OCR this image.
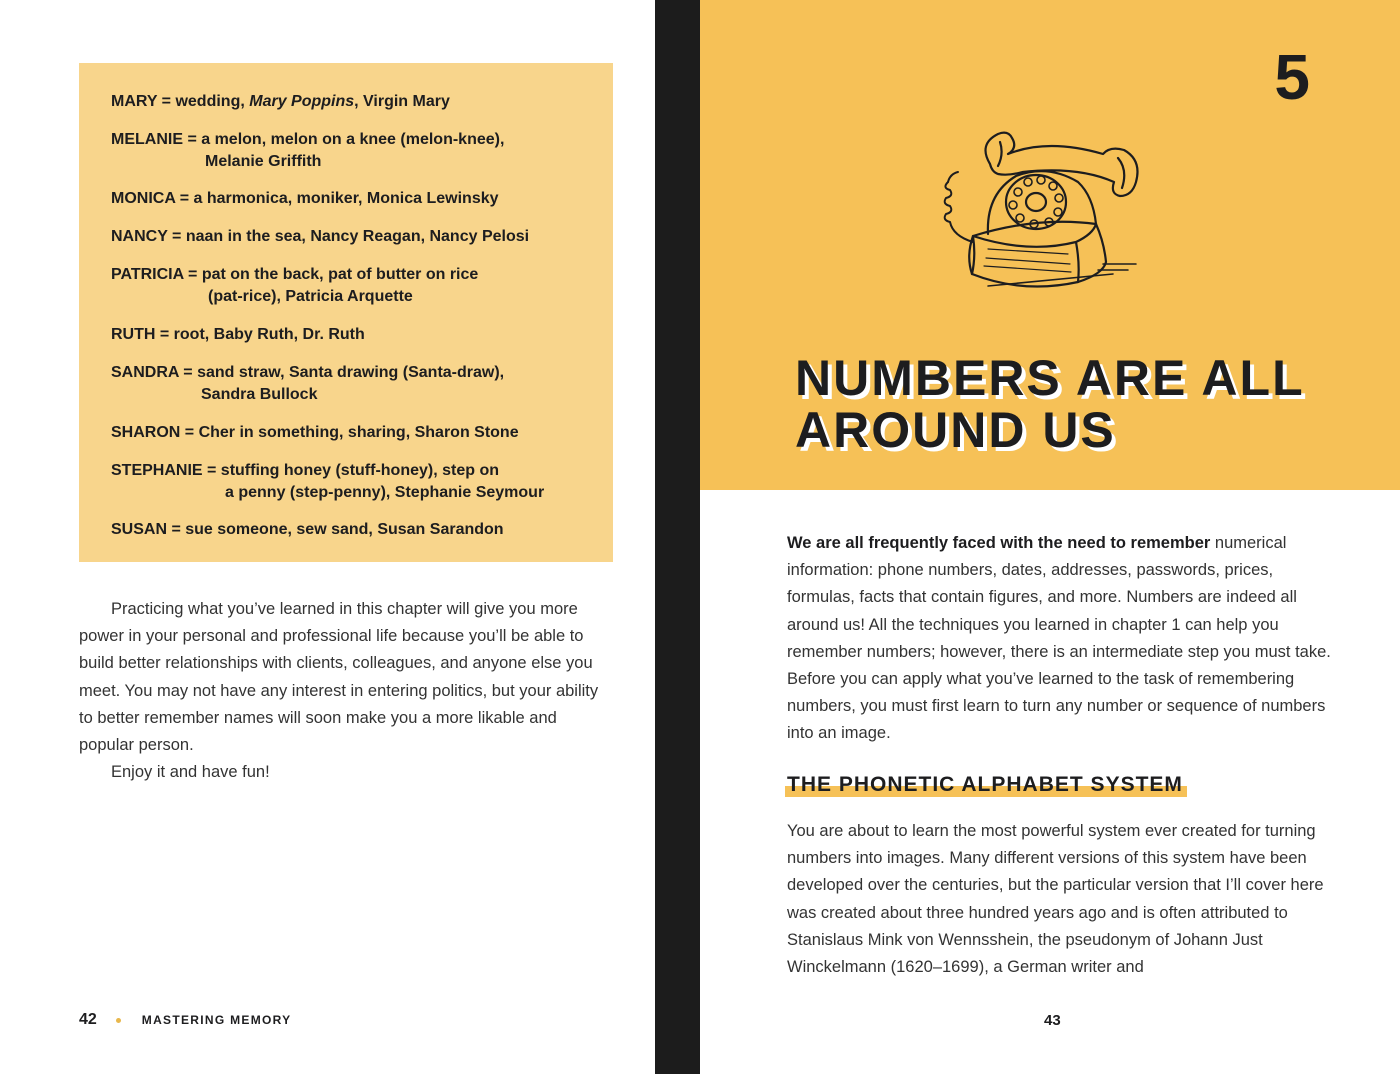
MARY = wedding, Mary Poppins, Virgin Mary
MELANIE = a melon, melon on a knee (melon-knee),
Melanie Griffith
MONICA = a harmonica, moniker, Monica Lewinsky
NANCY = naan in the sea, Nancy Reagan, Nancy Pelosi
PATRICIA = pat on the back, pat of butter on rice
(pat-rice), Patricia Arquette
RUTH = root, Baby Ruth, Dr. Ruth
SANDRA = sand straw, Santa drawing (Santa-draw),
Sandra Bullock
SHARON = Cher in something, sharing, Sharon Stone
STEPHANIE = stuffing honey (stuff-honey), step on
a penny (step-penny), Stephanie Seymour
SUSAN = sue someone, sew sand, Susan Sarandon

Practicing what you’ve learned in this chapter will give you more power in your personal and professional life because you’ll be able to build better relationships with clients, colleagues, and anyone else you meet. You may not have any interest in entering politics, but your ability to better remember names will soon make you a more likable and popular person.

Enjoy it and have fun!

42	MASTERING MEMORY
5
NUMBERS ARE ALL
AROUND US

We are all frequently faced with the need to remember numerical information: phone numbers, dates, addresses, passwords, prices, formulas, facts that contain figures, and more. Numbers are indeed all around us! All the techniques you learned in chapter 1 can help you remember numbers; however, there is an intermediate step you must take. Before you can apply what you’ve learned to the task of remembering numbers, you must first learn to turn any number or sequence of numbers into an image.

THE PHONETIC ALPHABET SYSTEM

You are about to learn the most powerful system ever created for turning numbers into images. Many different versions of this system have been developed over the centuries, but the particular version that I’ll cover here was created about three hundred years ago and is often attributed to Stanislaus Mink von Wennsshein, the pseudonym of Johann Just Winckelmann (1620–1699), a German writer and

43
